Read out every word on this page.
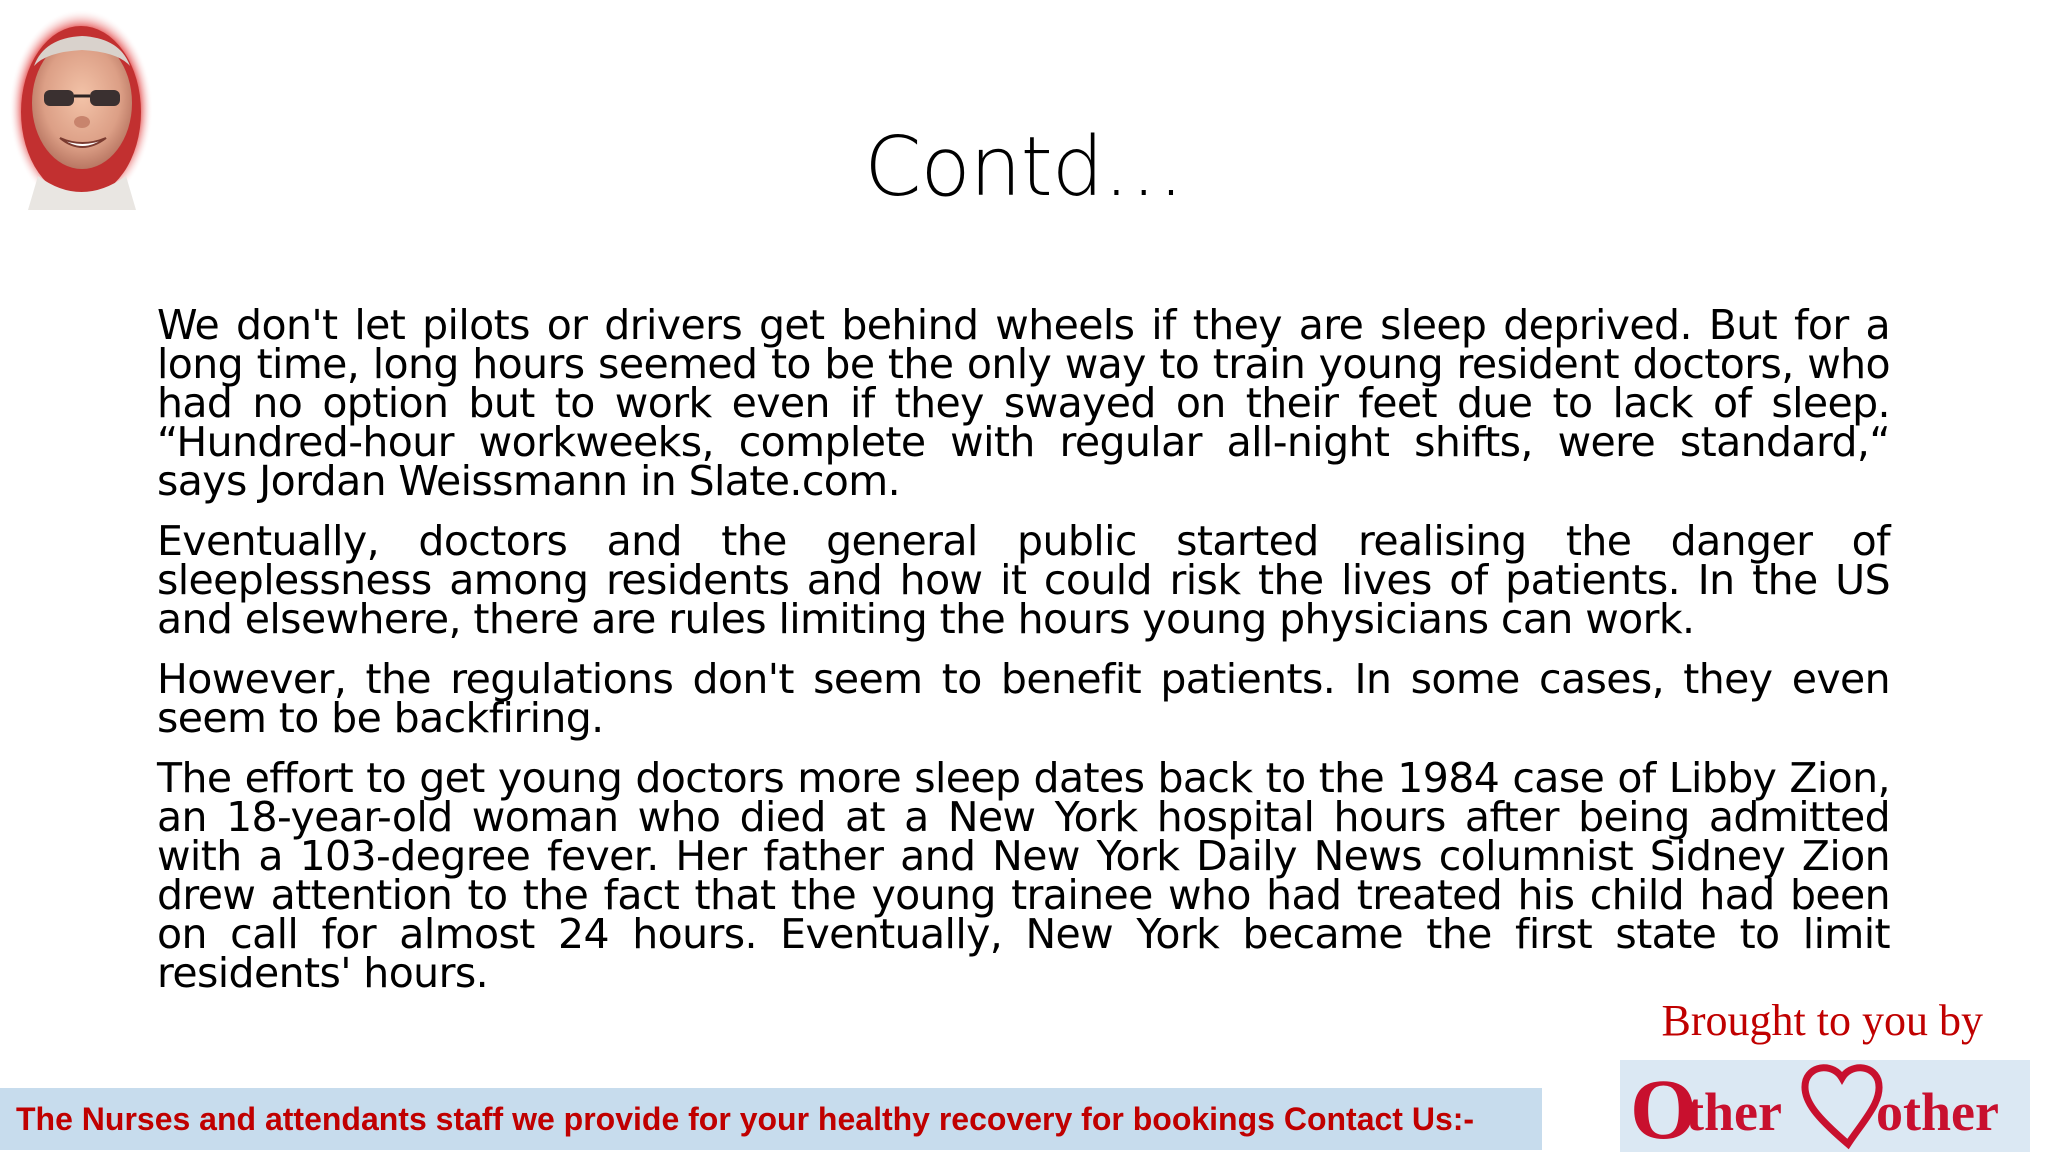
Contd…

We don't let pilots or drivers get behind wheels if they are sleep deprived. But for a long time, long hours seemed to be the only way to train young resident doctors, who had no option but to work even if they swayed on their feet due to lack of sleep. “Hundred-hour workweeks, complete with regular all-night shifts, were standard,“ says Jordan Weissmann in Slate.com.

Eventually, doctors and the general public started realising the danger of sleeplessness among residents and how it could risk the lives of patients. In the US and elsewhere, there are rules limiting the hours young physicians can work.

However, the regulations don't seem to benefit patients. In some cases, they even seem to be backfiring.

The effort to get young doctors more sleep dates back to the 1984 case of Libby Zion, an 18-year-old woman who died at a New York hospital hours after being admitted with a 103-degree fever. Her father and New York Daily News columnist Sidney Zion drew attention to the fact that the young trainee who had treated his child had been on call for almost 24 hours. Eventually, New York became the first state to limit residents' hours.

Brought to you by
The Nurses and attendants staff we provide for your healthy recovery for bookings Contact Us:- O
ther other
